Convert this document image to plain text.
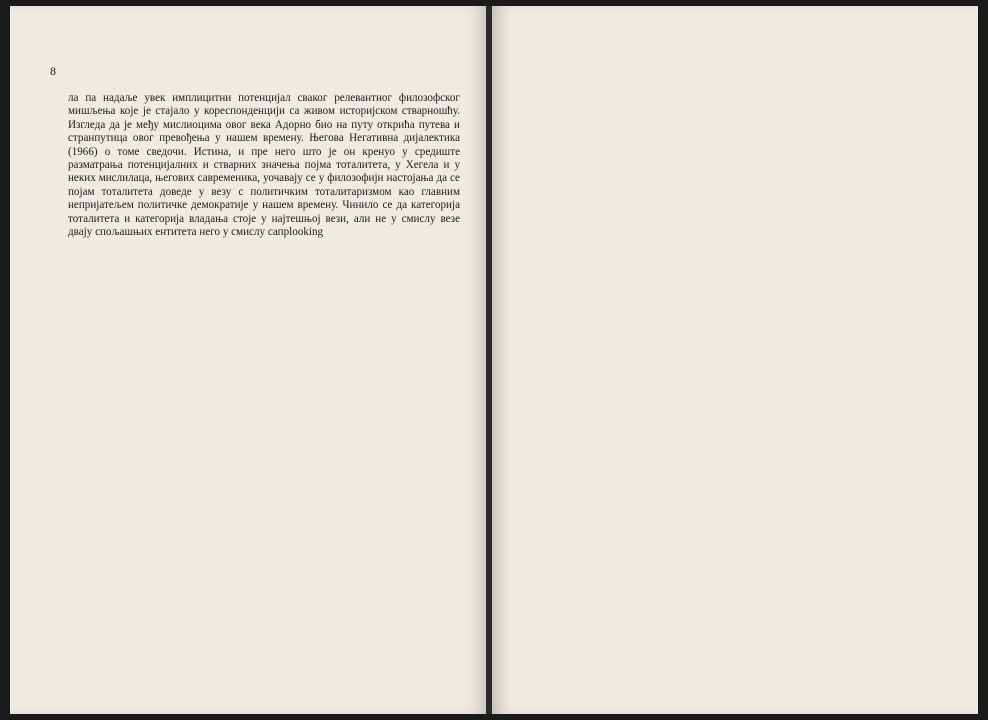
8

ла па надаље увек имплицитни потенцијал сваког релевантног филозофског мишљења које је стајало у кореспонденцији са живом историјском стварношћу. Изгледа да је међу мислиоцима овог века Адорно био на путу открића путева и странпутица овог превођења у нашем времену. Његова Негативна дијалектика (1966) о томе сведочи. Истина, и пре него што је он кренуо у средиште разматрања потенцијалних и стварних значења појма тоталитета, у Хегела и у неких мислилаца, његових савременика, уочавају се у филозофији настојања да се појам тоталитета доведе у везу с политичким тоталитаризмом као главним непријатељем политичке демократије у нашем времену. Чинило се да категорија тоталитета и категорија владања стоје у најтешњој вези, али не у смислу везе двају спољашњих ентитета него у смислу сапрlooking
